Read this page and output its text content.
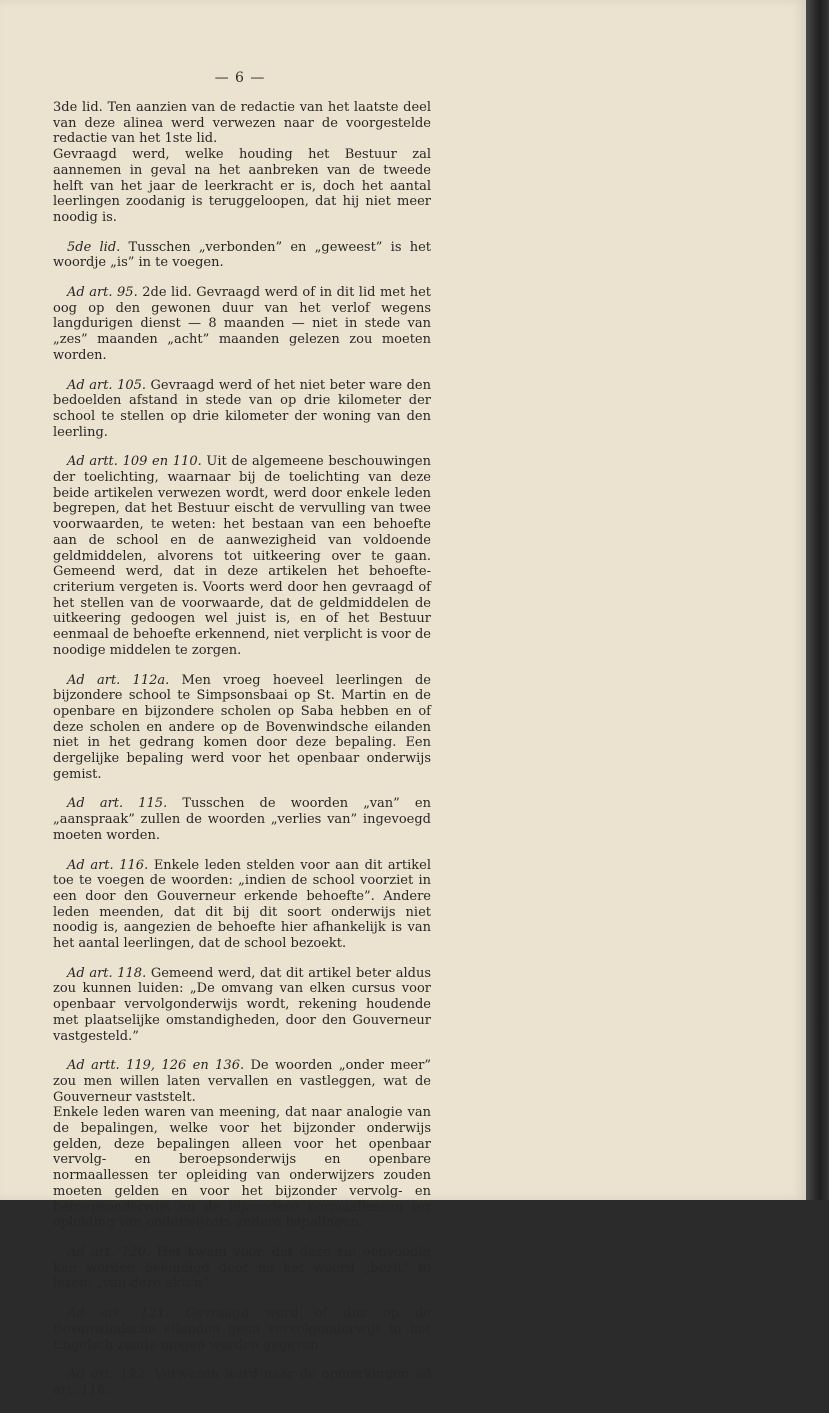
— 6 —

3de lid. Ten aanzien van de redactie van het laatste deel van deze alinea werd verwezen naar de voorgestelde redactie van het 1ste lid.

Gevraagd werd, welke houding het Bestuur zal aannemen in geval na het aanbreken van de tweede helft van het jaar de leerkracht er is, doch het aantal leerlingen zoodanig is teruggeloopen, dat hij niet meer noodig is.

5de lid. Tusschen „verbonden” en „geweest” is het woordje „is” in te voegen.

Ad art. 95. 2de lid. Gevraagd werd of in dit lid met het oog op den gewonen duur van het verlof wegens langdurigen dienst — 8 maanden — niet in stede van „zes” maanden „acht” maanden gelezen zou moeten worden.

Ad art. 105. Gevraagd werd of het niet beter ware den bedoelden afstand in stede van op drie kilometer der school te stellen op drie kilometer der woning van den leerling.

Ad artt. 109 en 110. Uit de algemeene beschouwingen der toelichting, waarnaar bij de toelichting van deze beide artikelen verwezen wordt, werd door enkele leden begrepen, dat het Bestuur eischt de vervulling van twee voorwaarden, te weten: het bestaan van een behoefte aan de school en de aanwezigheid van voldoende geldmiddelen, alvorens tot uitkeering over te gaan. Gemeend werd, dat in deze artikelen het behoefte-criterium vergeten is. Voorts werd door hen gevraagd of het stellen van de voorwaarde, dat de geldmiddelen de uitkeering gedoogen wel juist is, en of het Bestuur eenmaal de behoefte erkennend, niet verplicht is voor de noodige middelen te zorgen.

Ad art. 112a. Men vroeg hoeveel leerlingen de bijzondere school te Simpsonsbaai op St. Martin en de openbare en bijzondere scholen op Saba hebben en of deze scholen en andere op de Bovenwindsche eilanden niet in het gedrang komen door deze bepaling. Een dergelijke bepaling werd voor het openbaar onderwijs gemist.

Ad art. 115. Tusschen de woorden „van” en „aanspraak” zullen de woorden „verlies van” ingevoegd moeten worden.

Ad art. 116. Enkele leden stelden voor aan dit artikel toe te voegen de woorden: „indien de school voorziet in een door den Gouverneur erkende behoefte”. Andere leden meenden, dat dit bij dit soort onderwijs niet noodig is, aangezien de behoefte hier afhankelijk is van het aantal leerlingen, dat de school bezoekt.

Ad art. 118. Gemeend werd, dat dit artikel beter aldus zou kunnen luiden: „De omvang van elken cursus voor openbaar vervolgonderwijs wordt, rekening houdende met plaatselijke omstandigheden, door den Gouverneur vastgesteld.”

Ad artt. 119, 126 en 136. De woorden „onder meer” zou men willen laten vervallen en vastleggen, wat de Gouverneur vaststelt.

Enkele leden waren van meening, dat naar analogie van de bepalingen, welke voor het bijzonder onderwijs gelden, deze bepalingen alleen voor het openbaar vervolg- en beroepsonderwijs en openbare normaallessen ter opleiding van onderwijzers zouden moeten gelden en voor het bijzonder vervolg- en beroepsonderwijs en de bijzondere normaallessen ter opleiding van onderwijzers andere bepalingen.

Ad art. 120. Het kwam voor, dat deze zin eenvoudig kan worden beëindigd door na het woord „bezit” te lezen: „van deze akten”.

Ad art. 121. Gevraagd werd of dus op de Bovenwindsche eilanden geen vervolgonderwijs in het Engelsch zoude mogen worden gegeven.

Ad art. 122. Verwezen werd naar de opmerkingen ad art. 116.
